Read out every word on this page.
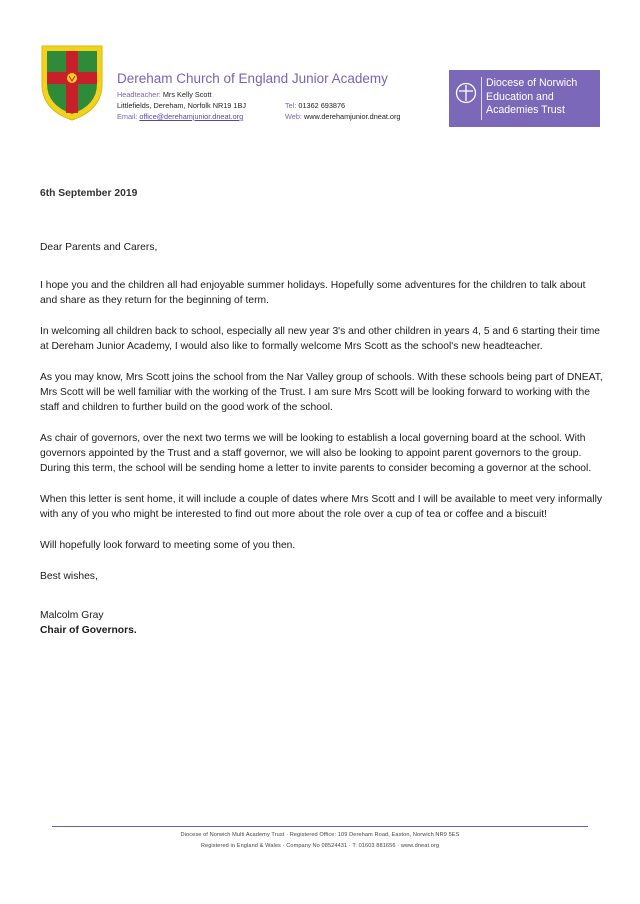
Dereham Church of England Junior Academy
Headteacher: Mrs Kelly Scott
Littlefields, Dereham, Norfolk NR19 1BJ	Tel: 01362 693876
Email: office@derehamjunior.dneat.org	Web: www.derehamjunior.dneat.org
Diocese of Norwich
Education and
Academies Trust
6th September 2019

Dear Parents and Carers,

I hope you and the children all had enjoyable summer holidays. Hopefully some adventures for the children to talk about and share as they return for the beginning of term.

In welcoming all children back to school, especially all new year 3's and other children in years 4, 5 and 6 starting their time at Dereham Junior Academy, I would also like to formally welcome Mrs Scott as the school's new headteacher.

As you may know, Mrs Scott joins the school from the Nar Valley group of schools. With these schools being part of DNEAT, Mrs Scott will be well familiar with the working of the Trust. I am sure Mrs Scott will be looking forward to working with the staff and children to further build on the good work of the school.

As chair of governors, over the next two terms we will be looking to establish a local governing board at the school. With governors appointed by the Trust and a staff governor, we will also be looking to appoint parent governors to the group. During this term, the school will be sending home a letter to invite parents to consider becoming a governor at the school.

When this letter is sent home, it will include a couple of dates where Mrs Scott and I will be available to meet very informally with any of you who might be interested to find out more about the role over a cup of tea or coffee and a biscuit!

Will hopefully look forward to meeting some of you then.

Best wishes,

Malcolm Gray

Chair of Governors.

Diocese of Norwich Multi Academy Trust · Registered Office: 109 Dereham Road, Easton, Norwich NR9 5ES
Registered in England & Wales · Company No 08524431 · T: 01603 881656 · www.dneat.org
